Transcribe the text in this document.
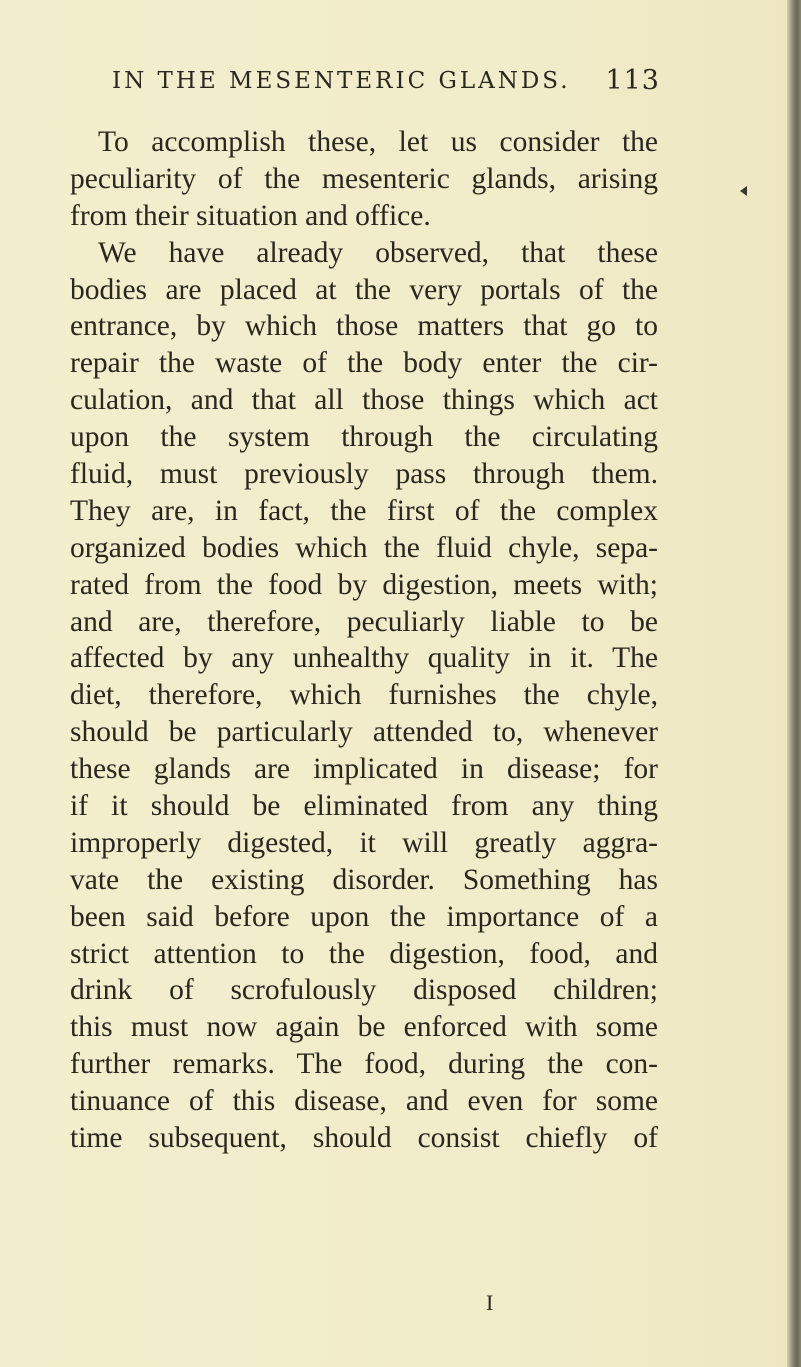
IN THE MESENTERIC GLANDS. 113
To accomplish these, let us consider the
peculiarity of the mesenteric glands, arising
from their situation and office.
We have already observed, that these
bodies are placed at the very portals of the
entrance, by which those matters that go to
repair the waste of the body enter the cir-
culation, and that all those things which act
upon the system through the circulating
fluid, must previously pass through them.
They are, in fact, the first of the complex
organized bodies which the fluid chyle, sepa-
rated from the food by digestion, meets with;
and are, therefore, peculiarly liable to be
affected by any unhealthy quality in it. The
diet, therefore, which furnishes the chyle,
should be particularly attended to, whenever
these glands are implicated in disease; for
if it should be eliminated from any thing
improperly digested, it will greatly aggra-
vate the existing disorder. Something has
been said before upon the importance of a
strict attention to the digestion, food, and
drink of scrofulously disposed children;
this must now again be enforced with some
further remarks. The food, during the con-
tinuance of this disease, and even for some
time subsequent, should consist chiefly of
I
